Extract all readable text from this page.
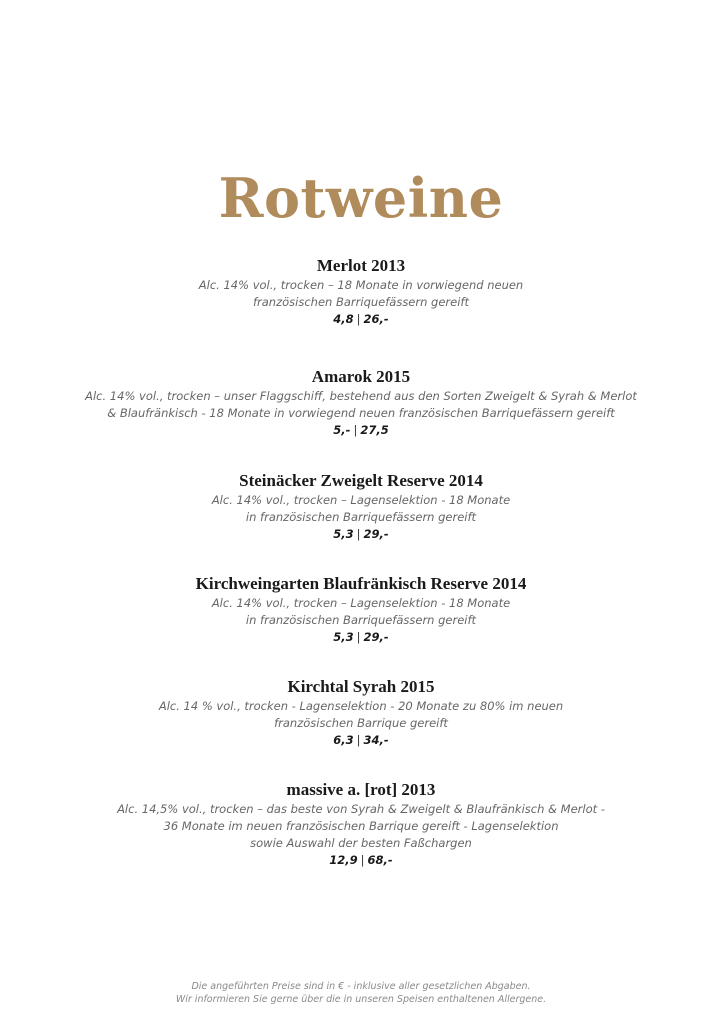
Rotweine

Merlot 2013

Alc. 14% vol., trocken – 18 Monate in vorwiegend neuen

französischen Barriquefässern gereift

4,8 | 26,-

Amarok 2015

Alc. 14% vol., trocken – unser Flaggschiff, bestehend aus den Sorten Zweigelt & Syrah & Merlot

& Blaufränkisch - 18 Monate in vorwiegend neuen französischen Barriquefässern gereift

5,- | 27,5

Steinäcker Zweigelt Reserve 2014

Alc. 14% vol., trocken – Lagenselektion - 18 Monate

in französischen Barriquefässern gereift

5,3 | 29,-

Kirchweingarten Blaufränkisch Reserve 2014

Alc. 14% vol., trocken – Lagenselektion - 18 Monate

in französischen Barriquefässern gereift

5,3 | 29,-

Kirchtal Syrah 2015

Alc. 14 % vol., trocken - Lagenselektion - 20 Monate zu 80% im neuen

französischen Barrique gereift

6,3 | 34,-

massive a. [rot] 2013

Alc. 14,5% vol., trocken – das beste von Syrah & Zweigelt & Blaufränkisch & Merlot -

36 Monate im neuen französischen Barrique gereift - Lagenselektion

sowie Auswahl der besten Faßchargen

12,9 | 68,-

Die angeführten Preise sind in € - inklusive aller gesetzlichen Abgaben.

Wir informieren Sie gerne über die in unseren Speisen enthaltenen Allergene.
